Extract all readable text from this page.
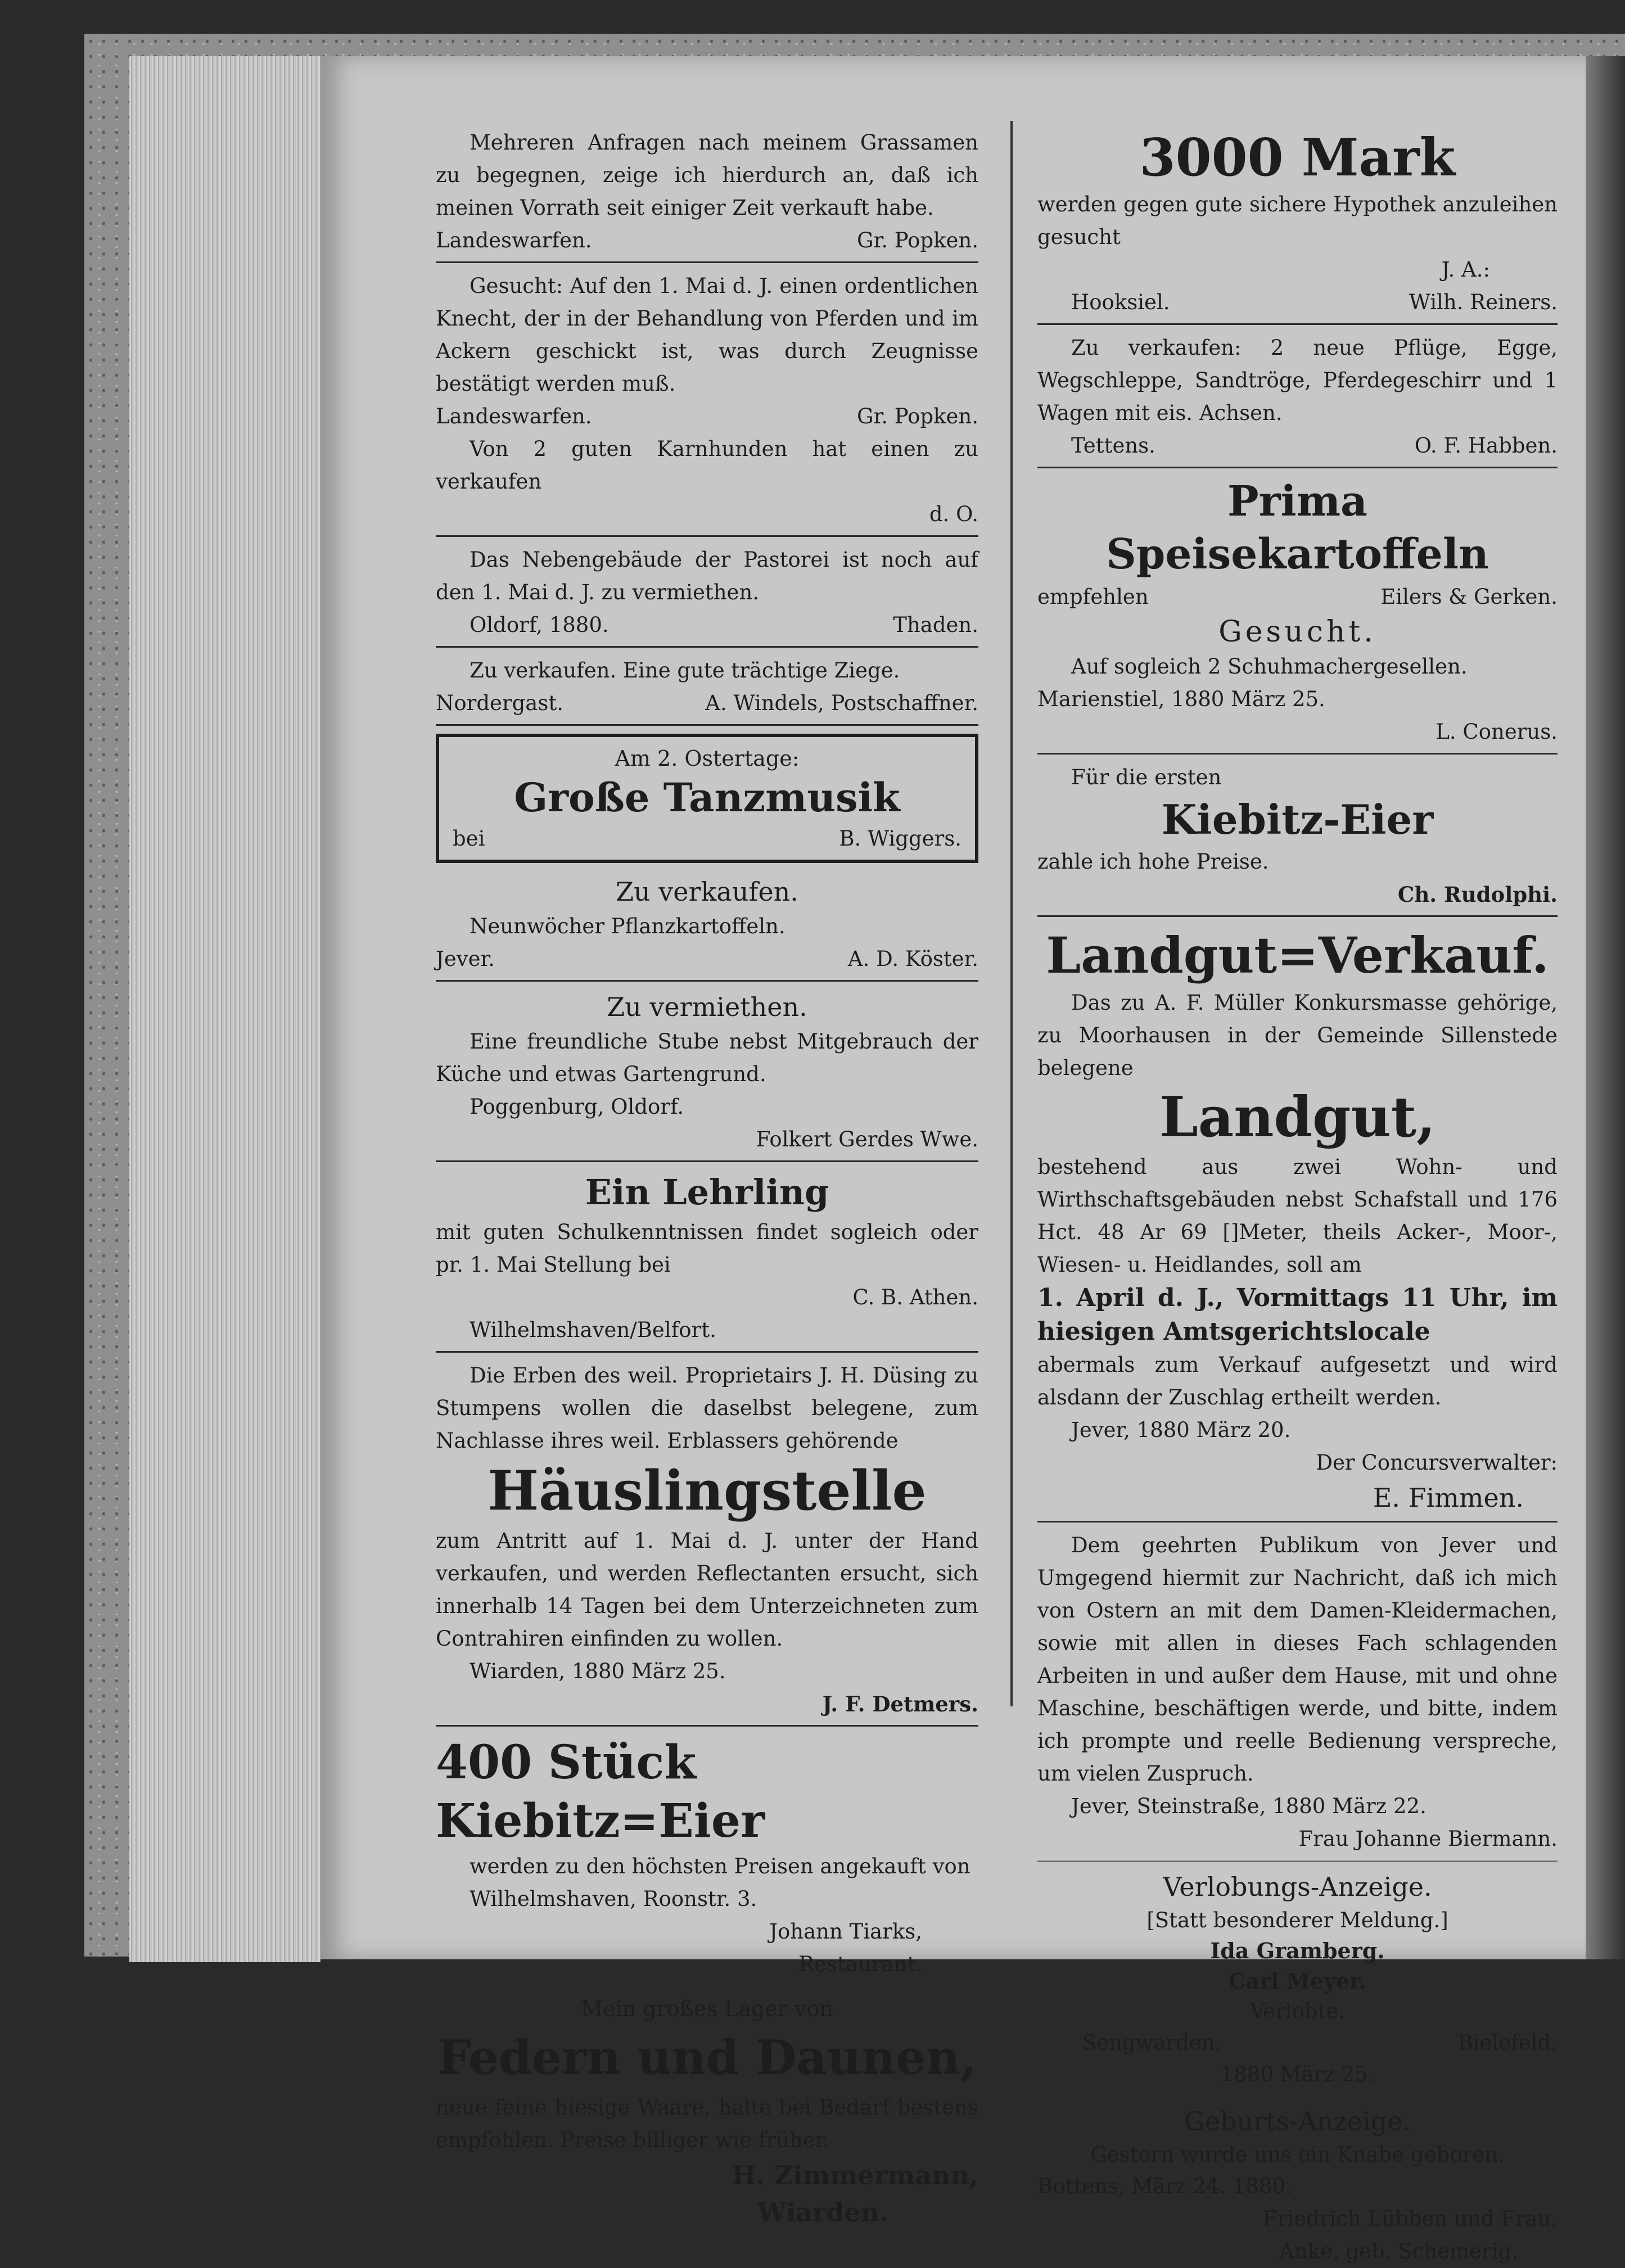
Mehreren Anfragen nach meinem Grassamen zu begegnen, zeige ich hierdurch an, daß ich meinen Vorrath seit einiger Zeit verkauft habe.

Landeswarfen.	Gr. Popken.

Gesucht: Auf den 1. Mai d. J. einen ordentlichen Knecht, der in der Behandlung von Pferden und im Ackern geschickt ist, was durch Zeugnisse bestätigt werden muß.

Landeswarfen.	Gr. Popken.

Von 2 guten Karnhunden hat einen zu verkaufen

d. O.

Das Nebengebäude der Pastorei ist noch auf den 1. Mai d. J. zu vermiethen.

Oldorf, 1880.	Thaden.

Zu verkaufen. Eine gute trächtige Ziege.

Nordergast.	A. Windels, Postschaffner.
Am 2. Ostertage:
Große Tanzmusik
bei	B. Wiggers.
Zu verkaufen.

Neunwöcher Pflanzkartoffeln.

Jever.	A. D. Köster.
Zu vermiethen.

Eine freundliche Stube nebst Mitgebrauch der Küche und etwas Gartengrund.

Poggenburg, Oldorf.

Folkert Gerdes Wwe.
Ein Lehrling

mit guten Schulkenntnissen findet sogleich oder pr. 1. Mai Stellung bei

C. B. Athen.

Wilhelmshaven/Belfort.

Die Erben des weil. Proprietairs J. H. Düsing zu Stumpens wollen die daselbst belegene, zum Nachlasse ihres weil. Erblassers gehörende

Häuslingstelle

zum Antritt auf 1. Mai d. J. unter der Hand verkaufen, und werden Reflectanten ersucht, sich innerhalb 14 Tagen bei dem Unterzeichneten zum Contrahiren einfinden zu wollen.

Wiarden, 1880 März 25.

J. F. Detmers.
400 Stück Kiebitz=Eier

werden zu den höchsten Preisen angekauft von

Wilhelmshaven, Roonstr. 3.

Johann Tiarks,
Restaurant.
Mein großes Lager von
Federn und Daunen,

neue feine hiesige Waare, halte bei Bedarf bestens empfohlen. Preise billiger wie früher.

H. Zimmermann,
Wiarden.
3000 Mark

werden gegen gute sichere Hypothek anzuleihen gesucht

J. A.:
Hooksiel.	Wilh. Reiners.

Zu verkaufen: 2 neue Pflüge, Egge, Wegschleppe, Sandtröge, Pferdegeschirr und 1 Wagen mit eis. Achsen.

Tettens.	O. F. Habben.
Prima Speisekartoffeln
empfehlen	Eilers & Gerken.
Gesucht.

Auf sogleich 2 Schuhmachergesellen.

Marienstiel, 1880 März 25.

L. Conerus.

Für die ersten

Kiebitz-Eier

zahle ich hohe Preise.

Ch. Rudolphi.
Landgut=Verkauf.

Das zu A. F. Müller Konkursmasse gehörige, zu Moorhausen in der Gemeinde Sillenstede belegene

Landgut,

bestehend aus zwei Wohn- und Wirthschaftsgebäuden nebst Schafstall und 176 Hct. 48 Ar 69 []Meter, theils Acker-, Moor-, Wiesen- u. Heidlandes, soll am

1. April d. J., Vormittags 11 Uhr, im hiesigen Amtsgerichtslocale

abermals zum Verkauf aufgesetzt und wird alsdann der Zuschlag ertheilt werden.

Jever, 1880 März 20.

Der Concursverwalter:
E. Fimmen.

Dem geehrten Publikum von Jever und Umgegend hiermit zur Nachricht, daß ich mich von Ostern an mit dem Damen-Kleidermachen, sowie mit allen in dieses Fach schlagenden Arbeiten in und außer dem Hause, mit und ohne Maschine, beschäftigen werde, und bitte, indem ich prompte und reelle Bedienung verspreche, um vielen Zuspruch.

Jever, Steinstraße, 1880 März 22.

Frau Johanne Biermann.
Verlobungs-Anzeige.
[Statt besonderer Meldung.]
Ida Gramberg.
Carl Meyer.
Verlobte.
Sengwarden,	Bielefeld,
1880 März 25.
Geburts-Anzeige.
Gestern wurde uns ein Knabe geboren.

Bottens, März 24. 1880.

Friedrich Lübben und Frau,
Anke, geb. Schemerig.
